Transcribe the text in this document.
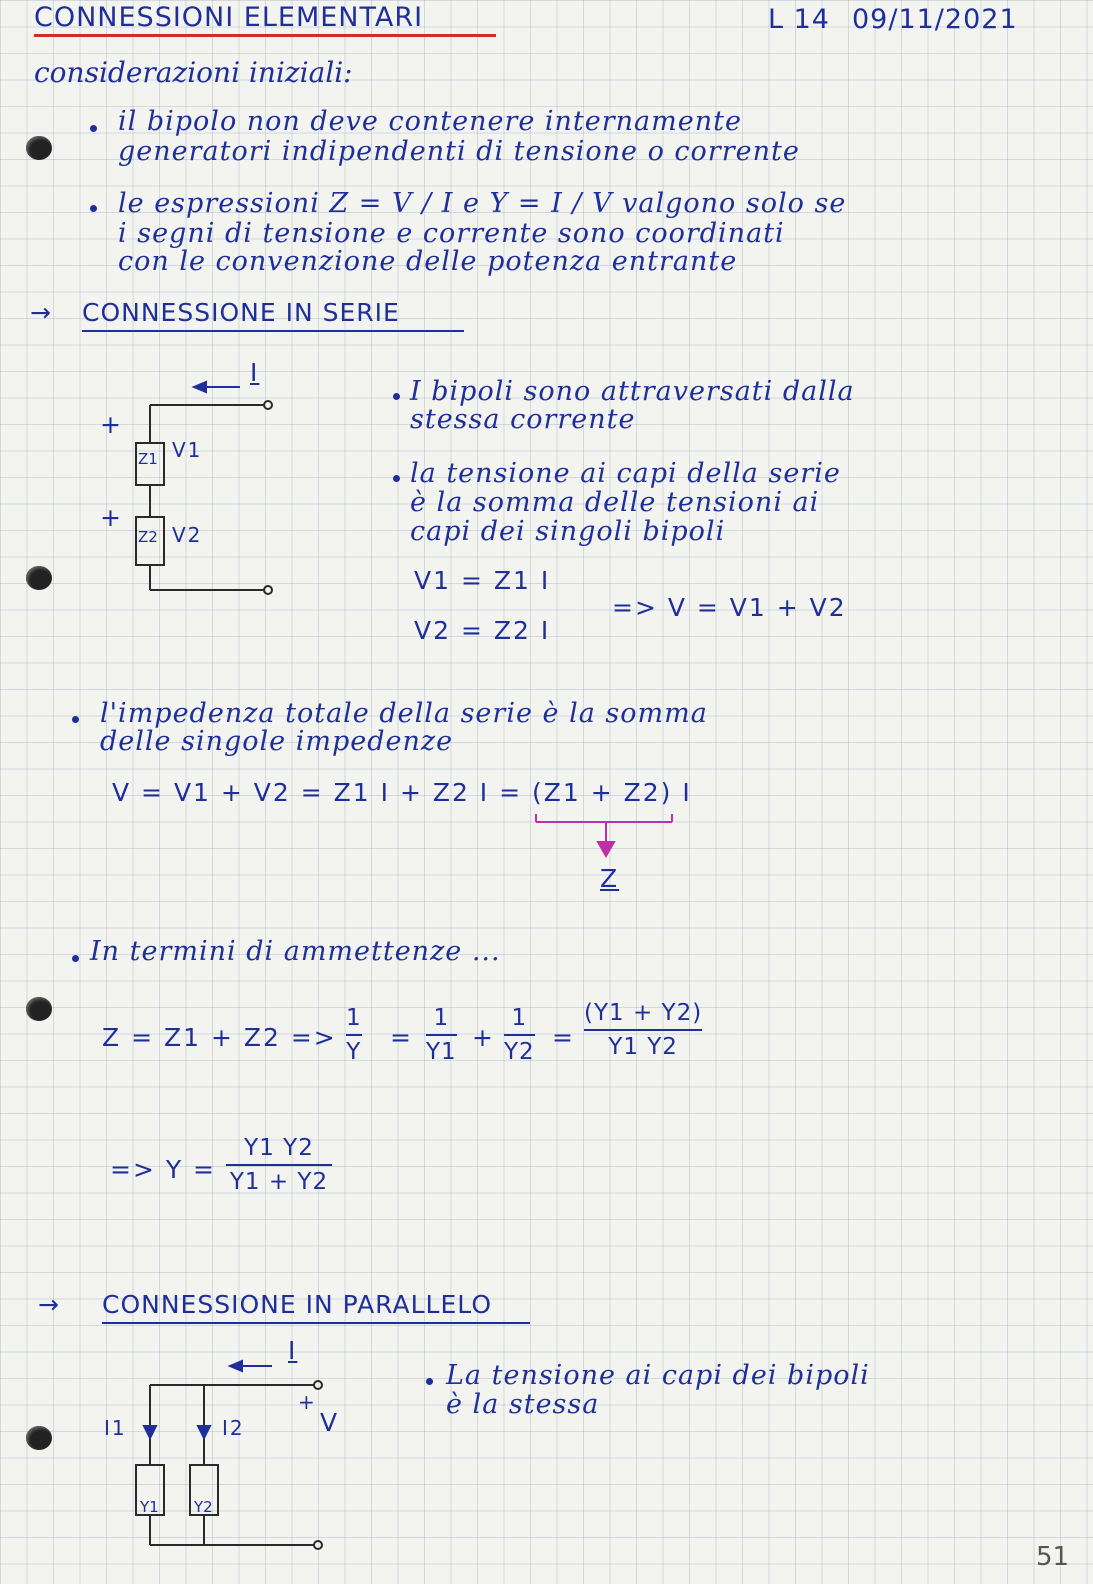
CONNESSIONI ELEMENTARI	L 14 09/11/2021
considerazioni iniziali:
il bipolo non deve contenere internamente
generatori indipendenti di tensione o corrente
le espressioni Z = V / I e Y = I / V valgono solo se
i segni di tensione e corrente sono coordinati
con le convenzione delle potenza entrante
→ CONNESSIONE IN SERIE
I
+
Z1 V1
+
Z2 V2
I bipoli sono attraversati dalla
stessa corrente
la tensione ai capi della serie
è la somma delle tensioni ai
capi dei singoli bipoli
V1 = Z1 I
V2 = Z2 I
=> V = V1 + V2
l'impedenza totale della serie è la somma
delle singole impedenze
V = V1 + V2 = Z1 I + Z2 I = (Z1 + Z2) I
Z
In termini di ammettenze ...
Z = Z1 + Z2 =>
1
Y =
1
Y1 +
1
Y2 =
(Y1 + Y2)
Y1 Y2
=> Y =
Y1 Y2
Y1 + Y2
→ CONNESSIONE IN PARALLELO
I
I1	I2
+
V
Y1 Y2
La tensione ai capi dei bipoli
è la stessa
51
